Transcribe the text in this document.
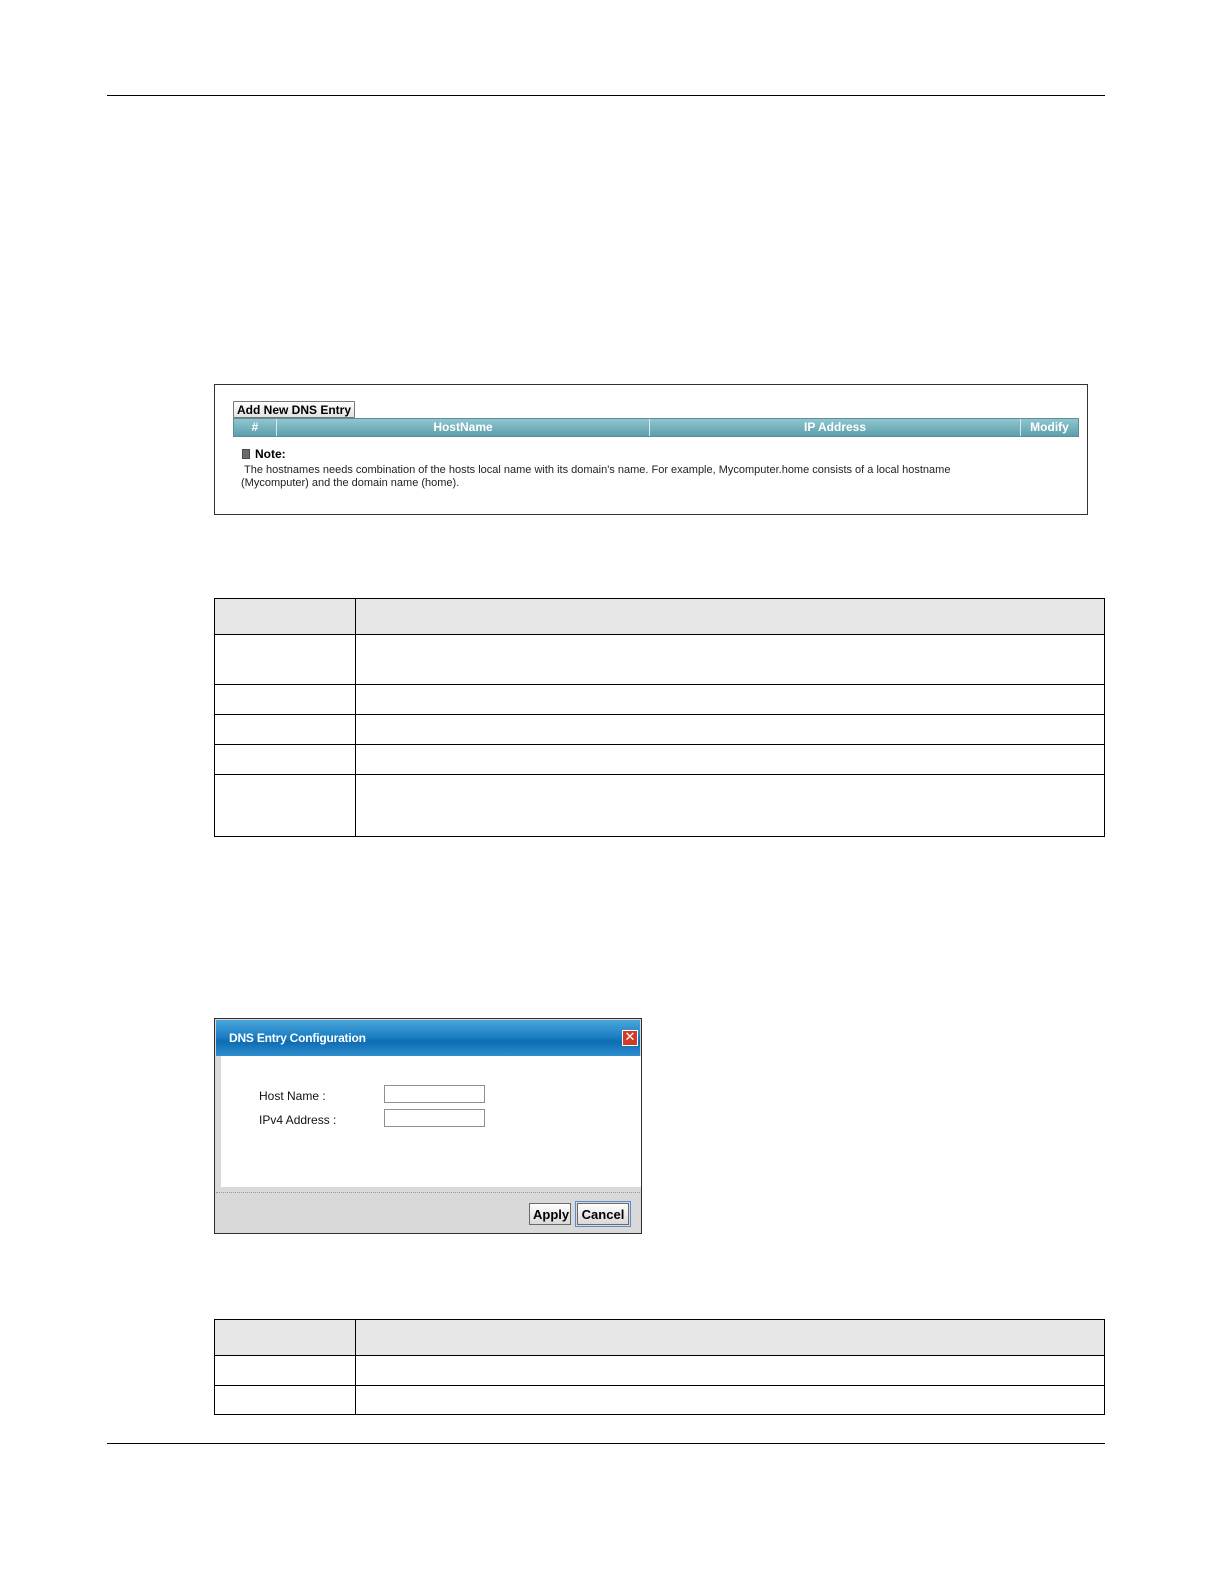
Add New DNS Entry
#	HostName	IP Address	Modify
Note:
The hostnames needs combination of the hosts local name with its domain's name. For example, Mycomputer.home consists of a local hostname (Mycomputer) and the domain name (home).
DNS Entry Configuration	✕
Host Name :
IPv4 Address :
Apply Cancel
